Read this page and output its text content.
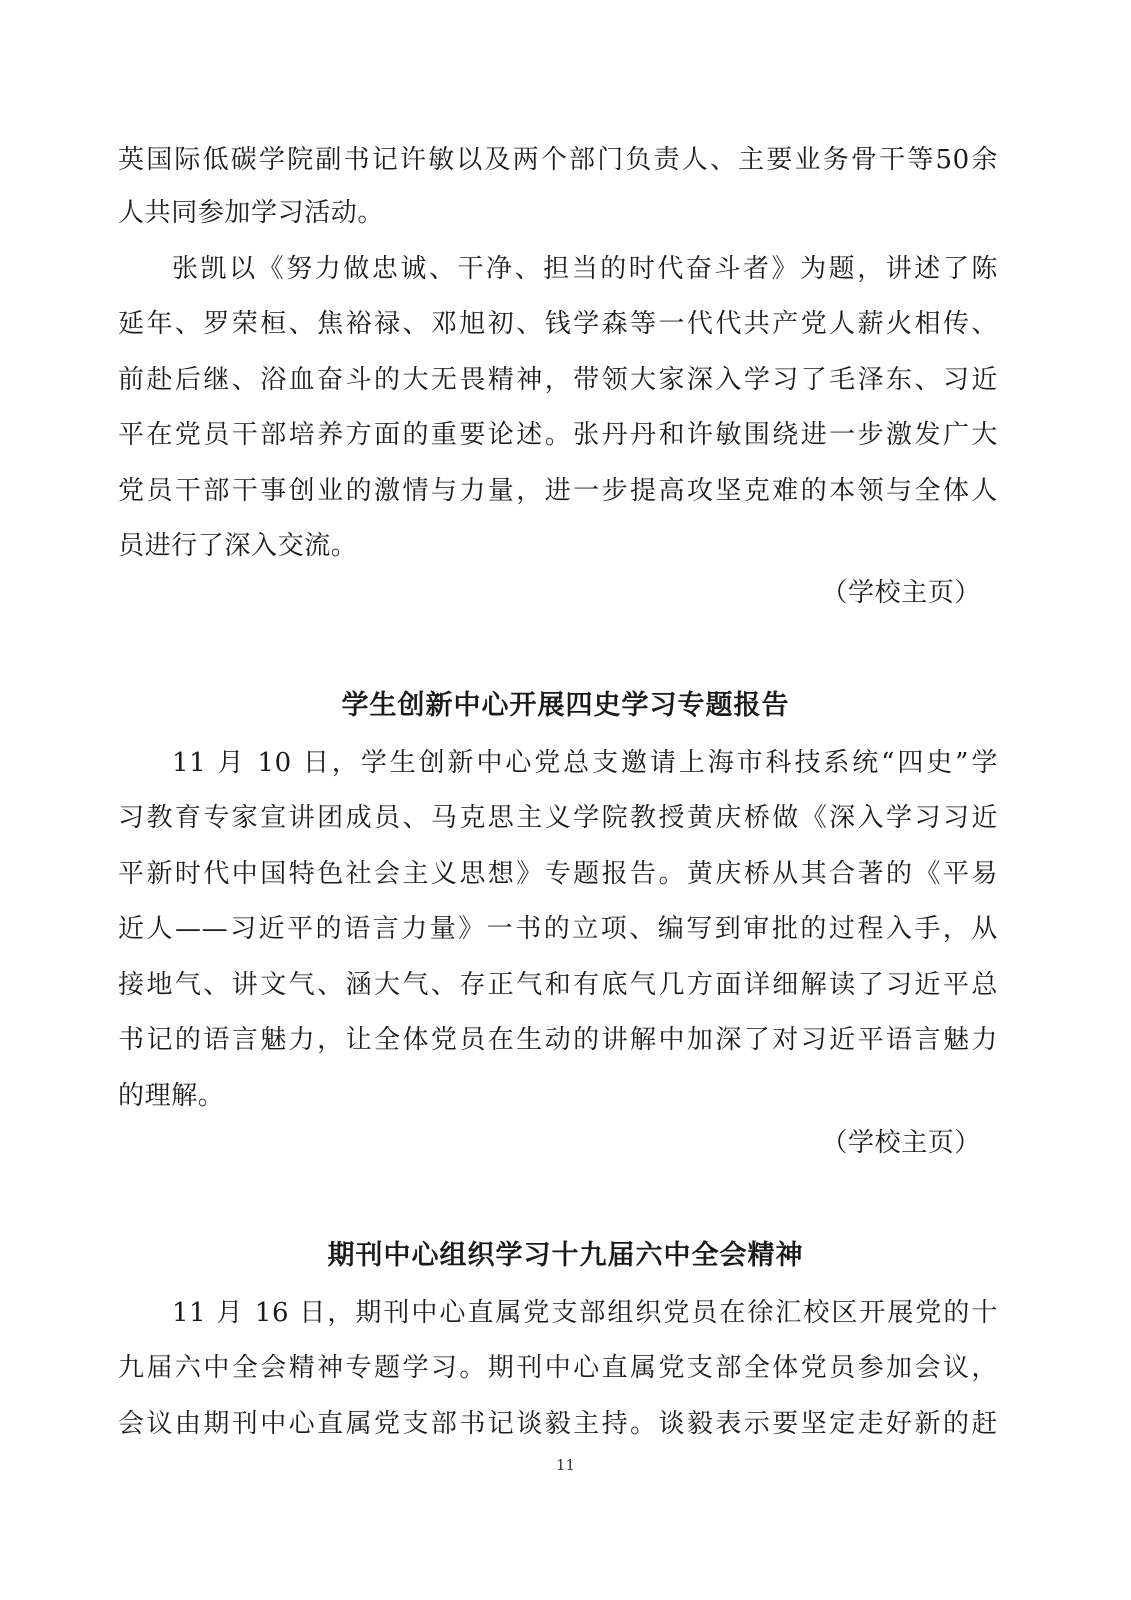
英国际低碳学院副书记许敏以及两个部门负责人、主要业务骨干等50余
人共同参加学习活动。
张凯以《努力做忠诚、干净、担当的时代奋斗者》为题，讲述了陈
延年、罗荣桓、焦裕禄、邓旭初、钱学森等一代代共产党人薪火相传、
前赴后继、浴血奋斗的大无畏精神，带领大家深入学习了毛泽东、习近
平在党员干部培养方面的重要论述。张丹丹和许敏围绕进一步激发广大
党员干部干事创业的激情与力量，进一步提高攻坚克难的本领与全体人
员进行了深入交流。
（学校主页）
学生创新中心开展四史学习专题报告
11 月 10 日，学生创新中心党总支邀请上海市科技系统“四史”学
习教育专家宣讲团成员、马克思主义学院教授黄庆桥做《深入学习习近
平新时代中国特色社会主义思想》专题报告。黄庆桥从其合著的《平易
近人——习近平的语言力量》一书的立项、编写到审批的过程入手，从
接地气、讲文气、涵大气、存正气和有底气几方面详细解读了习近平总
书记的语言魅力，让全体党员在生动的讲解中加深了对习近平语言魅力
的理解。
（学校主页）
期刊中心组织学习十九届六中全会精神
11 月 16 日，期刊中心直属党支部组织党员在徐汇校区开展党的十
九届六中全会精神专题学习。期刊中心直属党支部全体党员参加会议，
会议由期刊中心直属党支部书记谈毅主持。谈毅表示要坚定走好新的赶
11
